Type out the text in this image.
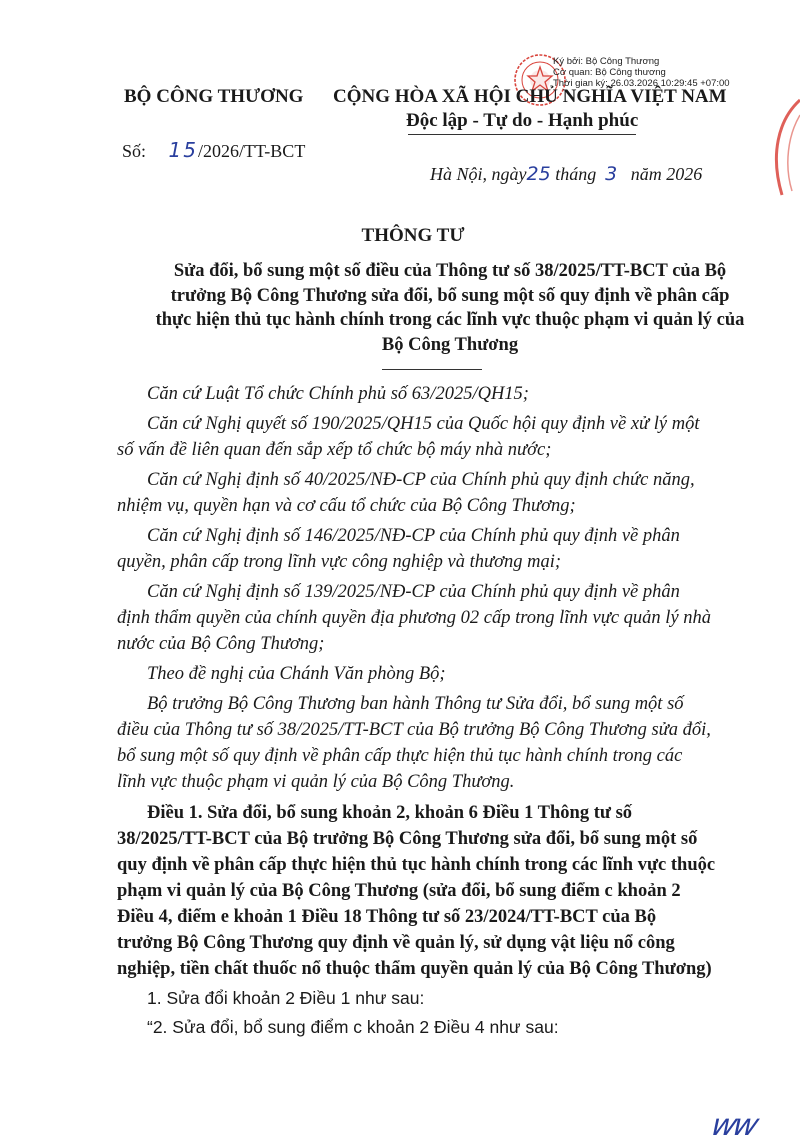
Ký bởi: Bộ Công Thương
Cơ quan: Bộ Công thương
Thời gian ký: 26.03.2026 10:29:45 +07:00
BỘ CÔNG THƯƠNG CỘNG HÒA XÃ HỘI CHỦ NGHĨA VIỆT NAM
Độc lập - Tự do - Hạnh phúc
Số: 15/2026/TT-BCT
Hà Nội, ngày25 tháng 3 năm 2026
THÔNG TƯ
Sửa đổi, bổ sung một số điều của Thông tư số 38/2025/TT-BCT của Bộ
trưởng Bộ Công Thương sửa đổi, bổ sung một số quy định về phân cấp
thực hiện thủ tục hành chính trong các lĩnh vực thuộc phạm vi quản lý của
Bộ Công Thương
Căn cứ Luật Tổ chức Chính phủ số 63/2025/QH15;
Căn cứ Nghị quyết số 190/2025/QH15 của Quốc hội quy định về xử lý một
số vấn đề liên quan đến sắp xếp tổ chức bộ máy nhà nước;
Căn cứ Nghị định số 40/2025/NĐ-CP của Chính phủ quy định chức năng,
nhiệm vụ, quyền hạn và cơ cấu tổ chức của Bộ Công Thương;
Căn cứ Nghị định số 146/2025/NĐ-CP của Chính phủ quy định về phân
quyền, phân cấp trong lĩnh vực công nghiệp và thương mại;
Căn cứ Nghị định số 139/2025/NĐ-CP của Chính phủ quy định về phân
định thẩm quyền của chính quyền địa phương 02 cấp trong lĩnh vực quản lý nhà
nước của Bộ Công Thương;
Theo đề nghị của Chánh Văn phòng Bộ;
Bộ trưởng Bộ Công Thương ban hành Thông tư Sửa đổi, bổ sung một số
điều của Thông tư số 38/2025/TT-BCT của Bộ trưởng Bộ Công Thương sửa đổi,
bổ sung một số quy định về phân cấp thực hiện thủ tục hành chính trong các
lĩnh vực thuộc phạm vi quản lý của Bộ Công Thương.
Điều 1. Sửa đổi, bổ sung khoản 2, khoản 6 Điều 1 Thông tư số
38/2025/TT-BCT của Bộ trưởng Bộ Công Thương sửa đổi, bổ sung một số
quy định về phân cấp thực hiện thủ tục hành chính trong các lĩnh vực thuộc
phạm vi quản lý của Bộ Công Thương (sửa đổi, bổ sung điểm c khoản 2
Điều 4, điểm e khoản 1 Điều 18 Thông tư số 23/2024/TT-BCT của Bộ
trưởng Bộ Công Thương quy định về quản lý, sử dụng vật liệu nổ công
nghiệp, tiền chất thuốc nổ thuộc thẩm quyền quản lý của Bộ Công Thương)
1. Sửa đổi khoản 2 Điều 1 như sau:
“2. Sửa đổi, bổ sung điểm c khoản 2 Điều 4 như sau:
ww
